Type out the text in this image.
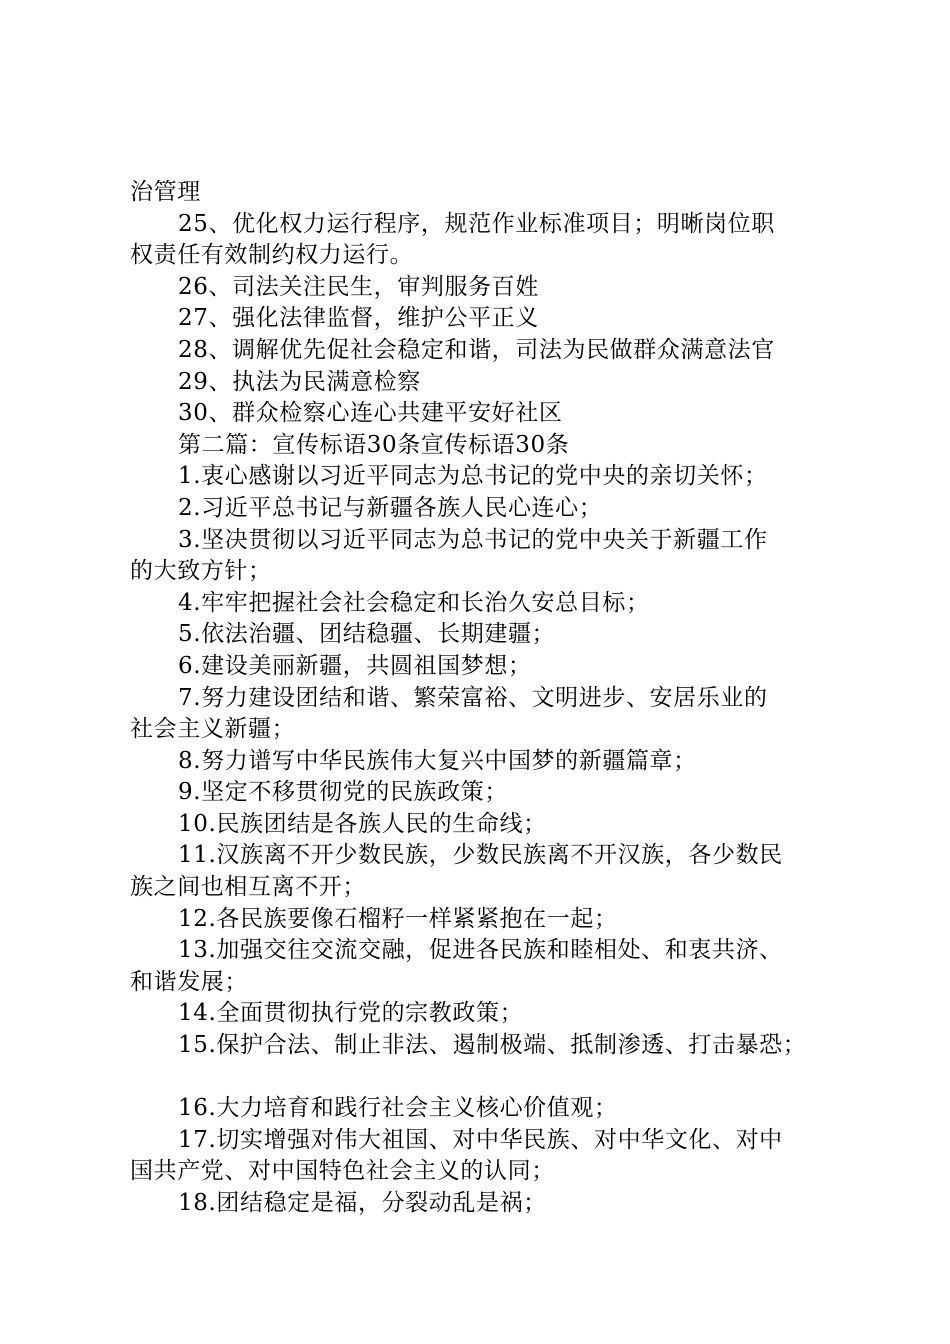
治管理
25、优化权力运行程序，规范作业标准项目；明晰岗位职
权责任有效制约权力运行。
26、司法关注民生，审判服务百姓
27、强化法律监督，维护公平正义
28、调解优先促社会稳定和谐，司法为民做群众满意法官
29、执法为民满意检察
30、群众检察心连心共建平安好社区
第二篇：宣传标语30条宣传标语30条
1.衷心感谢以习近平同志为总书记的党中央的亲切关怀；
2.习近平总书记与新疆各族人民心连心；
3.坚决贯彻以习近平同志为总书记的党中央关于新疆工作
的大致方针；
4.牢牢把握社会社会稳定和长治久安总目标；
5.依法治疆、团结稳疆、长期建疆；
6.建设美丽新疆，共圆祖国梦想；
7.努力建设团结和谐、繁荣富裕、文明进步、安居乐业的
社会主义新疆；
8.努力谱写中华民族伟大复兴中国梦的新疆篇章；
9.坚定不移贯彻党的民族政策；
10.民族团结是各族人民的生命线；
11.汉族离不开少数民族，少数民族离不开汉族，各少数民
族之间也相互离不开；
12.各民族要像石榴籽一样紧紧抱在一起；
13.加强交往交流交融，促进各民族和睦相处、和衷共济、
和谐发展；
14.全面贯彻执行党的宗教政策；
15.保护合法、制止非法、遏制极端、抵制渗透、打击暴恐；
16.大力培育和践行社会主义核心价值观；
17.切实增强对伟大祖国、对中华民族、对中华文化、对中
国共产党、对中国特色社会主义的认同；
18.团结稳定是福，分裂动乱是祸；
